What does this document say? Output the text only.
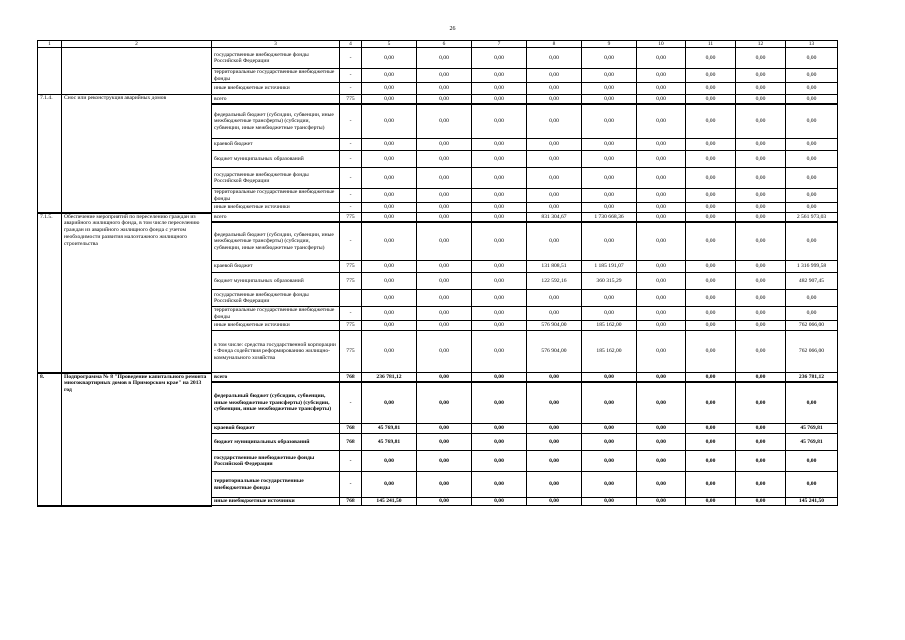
26
1	2	3	4	5	6	7	8	9	10	11	12	13
		государственные внебюджетные фонды Российской Федерации	-	0,00	0,00	0,00	0,00	0,00	0,00	0,00	0,00	0,00
		территориальные государственные внебюджетные фонды	-	0,00	0,00	0,00	0,00	0,00	0,00	0,00	0,00	0,00
		иные внебюджетные источники	-	0,00	0,00	0,00	0,00	0,00	0,00	0,00	0,00	0,00
7.1.4.	Снос или реконструкция аварийных домов	всего	775	0,00	0,00	0,00	0,00	0,00	0,00	0,00	0,00	0,00
		федеральный бюджет (субсидии, субвенции, иные межбюджетные трансферты) (субсидии, субвенции, иные межбюджетные трансферты)	-	0,00	0,00	0,00	0,00	0,00	0,00	0,00	0,00	0,00
		краевой бюджет	-	0,00	0,00	0,00	0,00	0,00	0,00	0,00	0,00	0,00
		бюджет муниципальных образований	-	0,00	0,00	0,00	0,00	0,00	0,00	0,00	0,00	0,00
		государственные внебюджетные фонды Российской Федерации	-	0,00	0,00	0,00	0,00	0,00	0,00	0,00	0,00	0,00
		территориальные государственные внебюджетные фонды	-	0,00	0,00	0,00	0,00	0,00	0,00	0,00	0,00	0,00
		иные внебюджетные источники	-	0,00	0,00	0,00	0,00	0,00	0,00	0,00	0,00	0,00
7.1.5.	Обеспечение мероприятий по переселению граждан из аварийного жилищного фонда, в том числе переселению граждан из аварийного жилищного фонда с учетом необходимости развития малоэтажного жилищного строительства	всего	775	0,00	0,00	0,00	831 304,67	1 730 668,36	0,00	0,00	0,00	2 561 973,03
		федеральный бюджет (субсидии, субвенции, иные межбюджетные трансферты) (субсидии, субвенции, иные межбюджетные трансферты)	-	0,00	0,00	0,00	0,00	0,00	0,00	0,00	0,00	0,00
		краевой бюджет	775	0,00	0,00	0,00	131 808,51	1 185 191,07	0,00	0,00	0,00	1 316 999,58
		бюджет муниципальных образований	775	0,00	0,00	0,00	122 592,16	360 315,29	0,00	0,00	0,00	482 907,45
		государственные внебюджетные фонды Российской Федерации		0,00	0,00	0,00	0,00	0,00	0,00	0,00	0,00	0,00
		территориальные государственные внебюджетные фонды	-	0,00	0,00	0,00	0,00	0,00	0,00	0,00	0,00	0,00
		иные внебюджетные источники	775	0,00	0,00	0,00	576 904,00	185 162,00	0,00	0,00	0,00	762 066,00
		в том числе: средства государственной корпорации - Фонда содействия реформированию жилищно-коммунального хозяйства	775	0,00	0,00	0,00	576 904,00	185 162,00	0,00	0,00	0,00	762 066,00
8.	Подпрограмма № 8 "Проведение капитального ремонта многоквартирных домов в Приморском крае" на 2013 год	всего	768	236 781,12	0,00	0,00	0,00	0,00	0,00	0,00	0,00	236 781,12
		федеральный бюджет (субсидии, субвенции, иные межбюджетные трансферты) (субсидии, субвенции, иные межбюджетные трансферты)	-	0,00	0,00	0,00	0,00	0,00	0,00	0,00	0,00	0,00
		краевой бюджет	768	45 769,81	0,00	0,00	0,00	0,00	0,00	0,00	0,00	45 769,81
		бюджет муниципальных образований	768	45 769,81	0,00	0,00	0,00	0,00	0,00	0,00	0,00	45 769,81
		государственные внебюджетные фонды Российской Федерации	-	0,00	0,00	0,00	0,00	0,00	0,00	0,00	0,00	0,00
		территориальные государственные внебюджетные фонды	-	0,00	0,00	0,00	0,00	0,00	0,00	0,00	0,00	0,00
		иные внебюджетные источники	768	145 241,50	0,00	0,00	0,00	0,00	0,00	0,00	0,00	145 241,50
